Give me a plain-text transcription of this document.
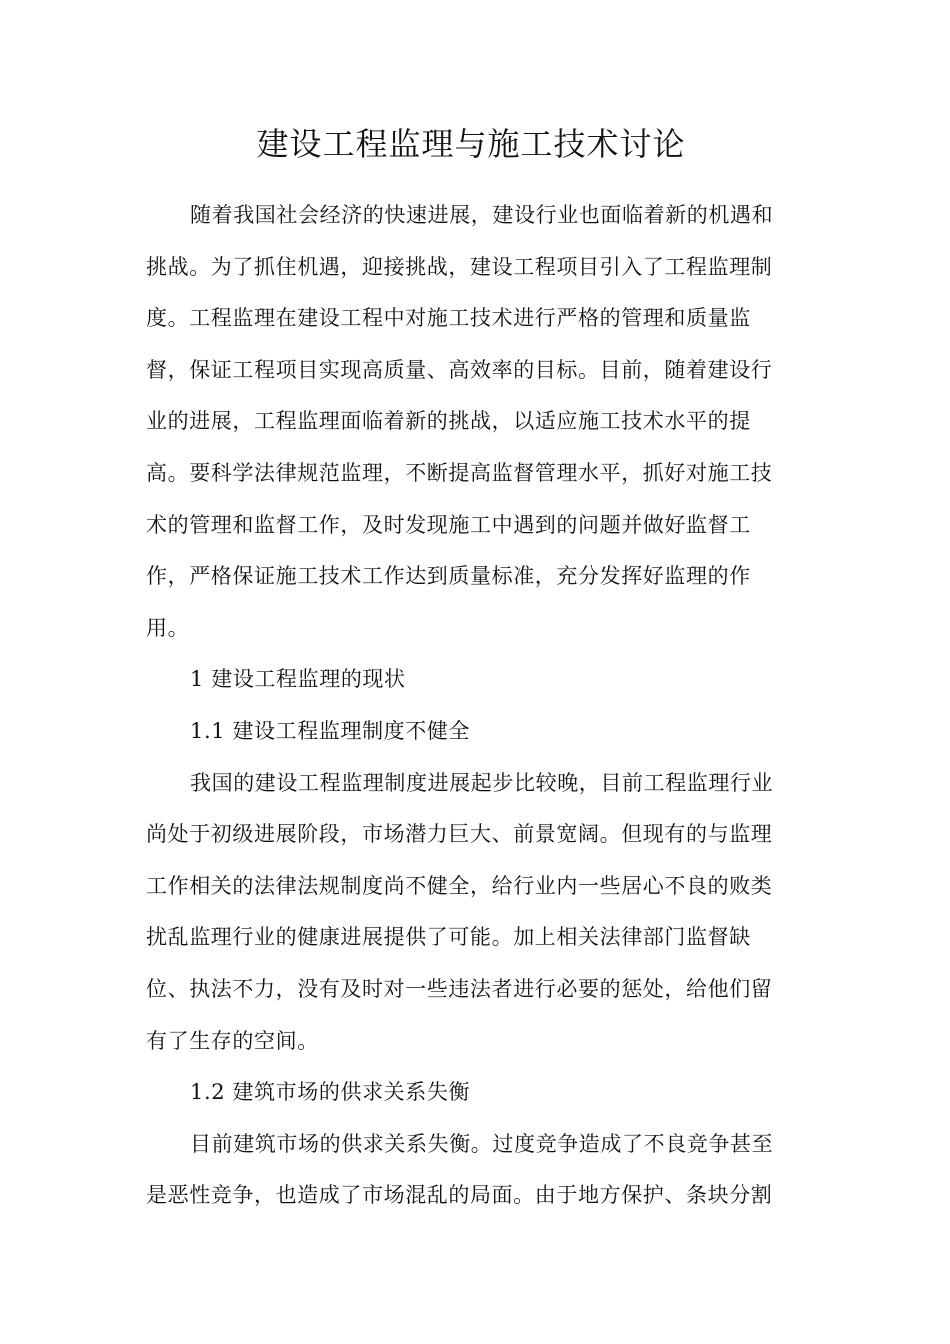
建设工程监理与施工技术讨论
随着我国社会经济的快速进展，建设行业也面临着新的机遇和
挑战。为了抓住机遇，迎接挑战，建设工程项目引入了工程监理制
度。工程监理在建设工程中对施工技术进行严格的管理和质量监
督，保证工程项目实现高质量、高效率的目标。目前，随着建设行
业的进展，工程监理面临着新的挑战，以适应施工技术水平的提
高。要科学法律规范监理，不断提高监督管理水平，抓好对施工技
术的管理和监督工作，及时发现施工中遇到的问题并做好监督工
作，严格保证施工技术工作达到质量标准，充分发挥好监理的作
用。
1 建设工程监理的现状
1.1 建设工程监理制度不健全
我国的建设工程监理制度进展起步比较晚，目前工程监理行业
尚处于初级进展阶段，市场潜力巨大、前景宽阔。但现有的与监理
工作相关的法律法规制度尚不健全，给行业内一些居心不良的败类
扰乱监理行业的健康进展提供了可能。加上相关法律部门监督缺
位、执法不力，没有及时对一些违法者进行必要的惩处，给他们留
有了生存的空间。
1.2 建筑市场的供求关系失衡
目前建筑市场的供求关系失衡。过度竞争造成了不良竞争甚至
是恶性竞争，也造成了市场混乱的局面。由于地方保护、条块分割
